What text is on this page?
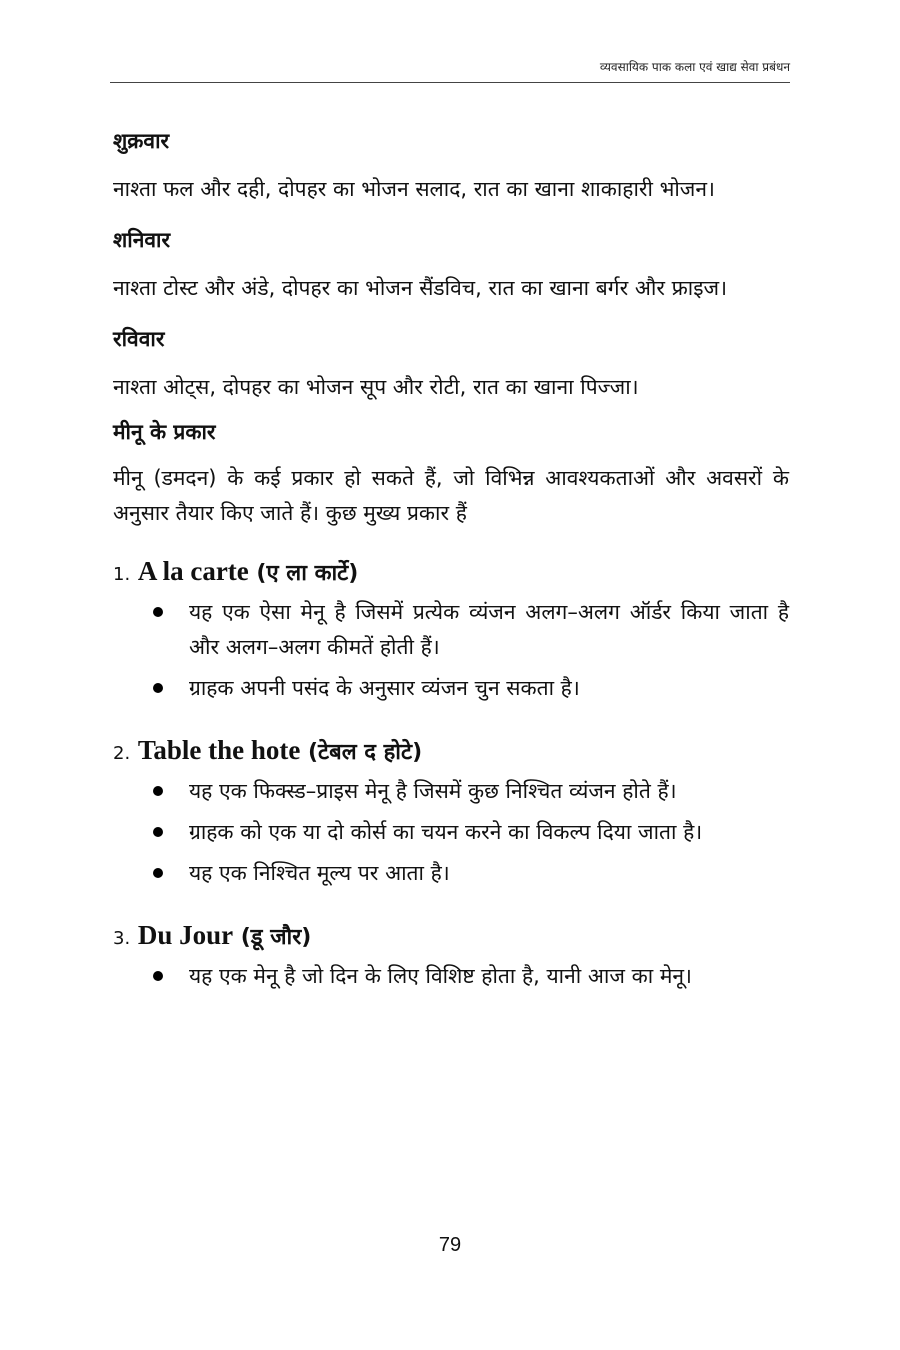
व्यवसायिक पाक कला एवं खाद्य सेवा प्रबंधन
शुक्रवार

नाश्ता फल और दही, दोपहर का भोजन सलाद, रात का खाना शाकाहारी भोजन।

शनिवार

नाश्ता टोस्ट और अंडे, दोपहर का भोजन सैंडविच, रात का खाना बर्गर और फ्राइज।

रविवार

नाश्ता ओट्स, दोपहर का भोजन सूप और रोटी, रात का खाना पिज्जा।

मीनू के प्रकार

मीनू (डमदन) के कई प्रकार हो सकते हैं, जो विभिन्न आवश्यकताओं और अवसरों के अनुसार तैयार किए जाते हैं। कुछ मुख्य प्रकार हैं

1. A la carte (ए ला कार्टे)
यह एक ऐसा मेनू है जिसमें प्रत्येक व्यंजन अलग–अलग ऑर्डर किया जाता है और अलग–अलग कीमतें होती हैं।
ग्राहक अपनी पसंद के अनुसार व्यंजन चुन सकता है।
2. Table the hote (टेबल द होटे)
यह एक फिक्स्ड–प्राइस मेनू है जिसमें कुछ निश्चित व्यंजन होते हैं।
ग्राहक को एक या दो कोर्स का चयन करने का विकल्प दिया जाता है।
यह एक निश्चित मूल्य पर आता है।
3. Du Jour (डू जौर)
यह एक मेनू है जो दिन के लिए विशिष्ट होता है, यानी आज का मेनू।
79
